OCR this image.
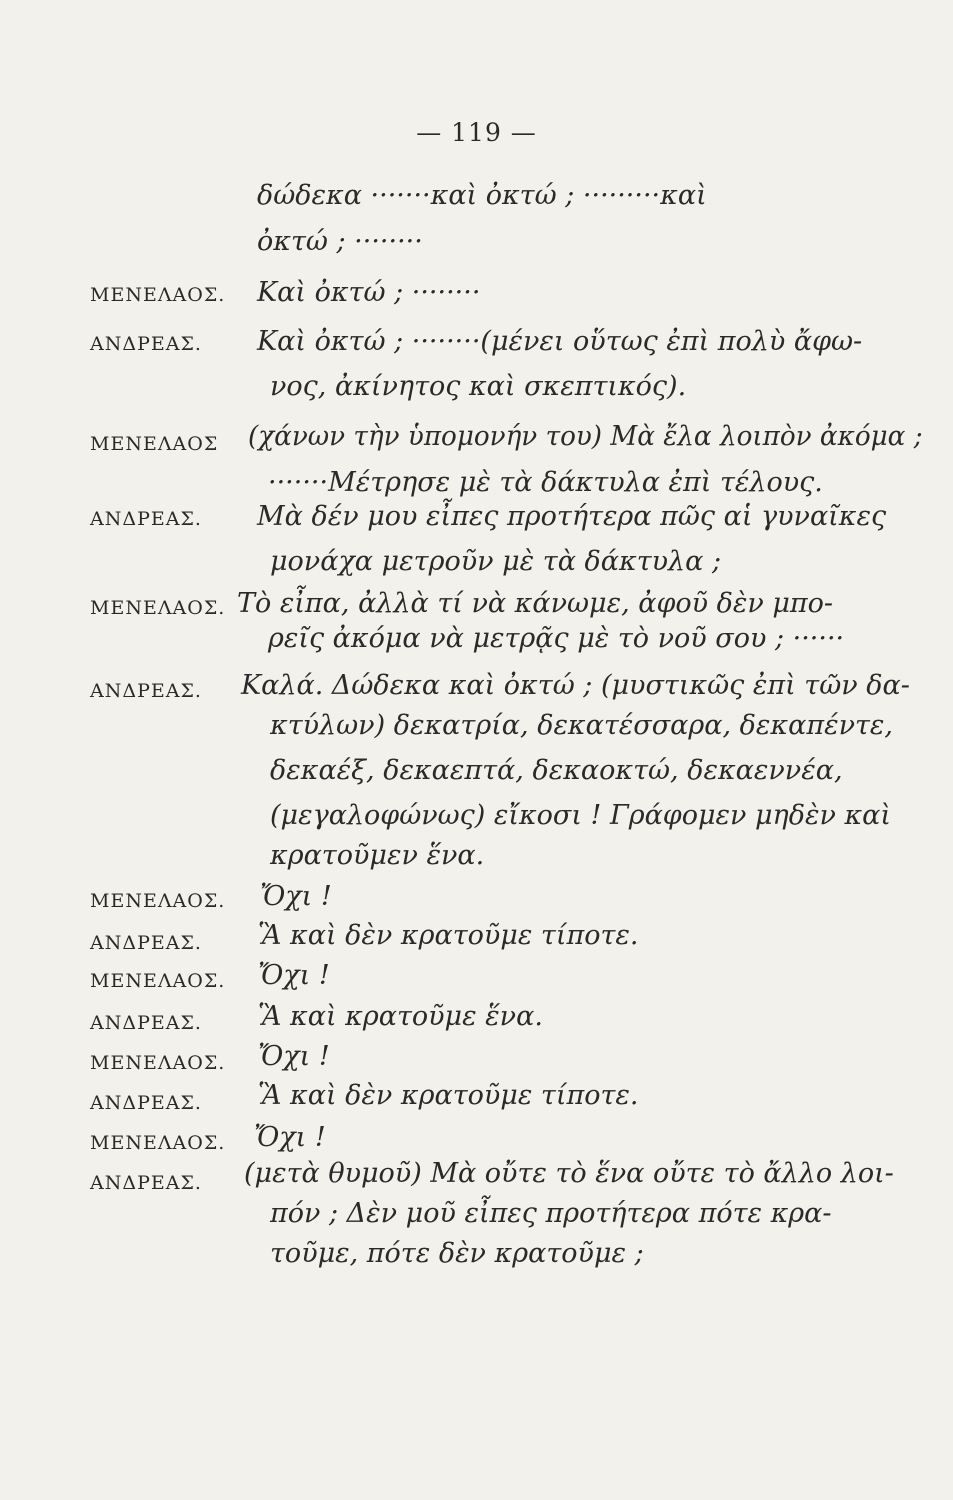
— 119 —
δώδεκα ·······καὶ ὀκτώ ; ·········καὶ
ὀκτώ ; ········
ΜΕΝΕΛΑΟΣ. Καὶ ὀκτώ ; ········
ΑΝΔΡΕΑΣ. Καὶ ὀκτώ ; ········(μένει οὕτως ἐπὶ πολὺ ἄφω-
νος, ἀκίνητος καὶ σκεπτικός).
ΜΕΝΕΛΑΟΣ (χάνων τὴν ὑπομονήν του) Μὰ ἔλα λοιπὸν ἀκόμα ;
·······Μέτρησε μὲ τὰ δάκτυλα ἐπὶ τέλους.
ΑΝΔΡΕΑΣ. Μὰ δέν μου εἶπες προτήτερα πῶς αἱ γυναῖκες
μονάχα μετροῦν μὲ τὰ δάκτυλα ;
ΜΕΝΕΛΑΟΣ. Τὸ εἶπα, ἀλλὰ τί νὰ κάνωμε, ἀφοῦ δὲν μπο-
ρεῖς ἀκόμα νὰ μετρᾷς μὲ τὸ νοῦ σου ; ······
ΑΝΔΡΕΑΣ. Καλά. Δώδεκα καὶ ὀκτώ ; (μυστικῶς ἐπὶ τῶν δα-
κτύλων) δεκατρία, δεκατέσσαρα, δεκαπέντε,
δεκαέξ, δεκαεπτά, δεκαοκτώ, δεκαεννέα,
(μεγαλοφώνως) εἴκοσι ! Γράφομεν μηδὲν καὶ
κρατοῦμεν ἕνα.
ΜΕΝΕΛΑΟΣ. Ὄχι !
ΑΝΔΡΕΑΣ. Ἃ καὶ δὲν κρατοῦμε τίποτε.
ΜΕΝΕΛΑΟΣ. Ὄχι !
ΑΝΔΡΕΑΣ. Ἃ καὶ κρατοῦμε ἕνα.
ΜΕΝΕΛΑΟΣ. Ὄχι !
ΑΝΔΡΕΑΣ. Ἃ καὶ δὲν κρατοῦμε τίποτε.
ΜΕΝΕΛΑΟΣ. Ὄχι !
ΑΝΔΡΕΑΣ. (μετὰ θυμοῦ) Μὰ οὔτε τὸ ἕνα οὔτε τὸ ἄλλο λοι-
πόν ; Δὲν μοῦ εἶπες προτήτερα πότε κρα-
τοῦμε, πότε δὲν κρατοῦμε ;
